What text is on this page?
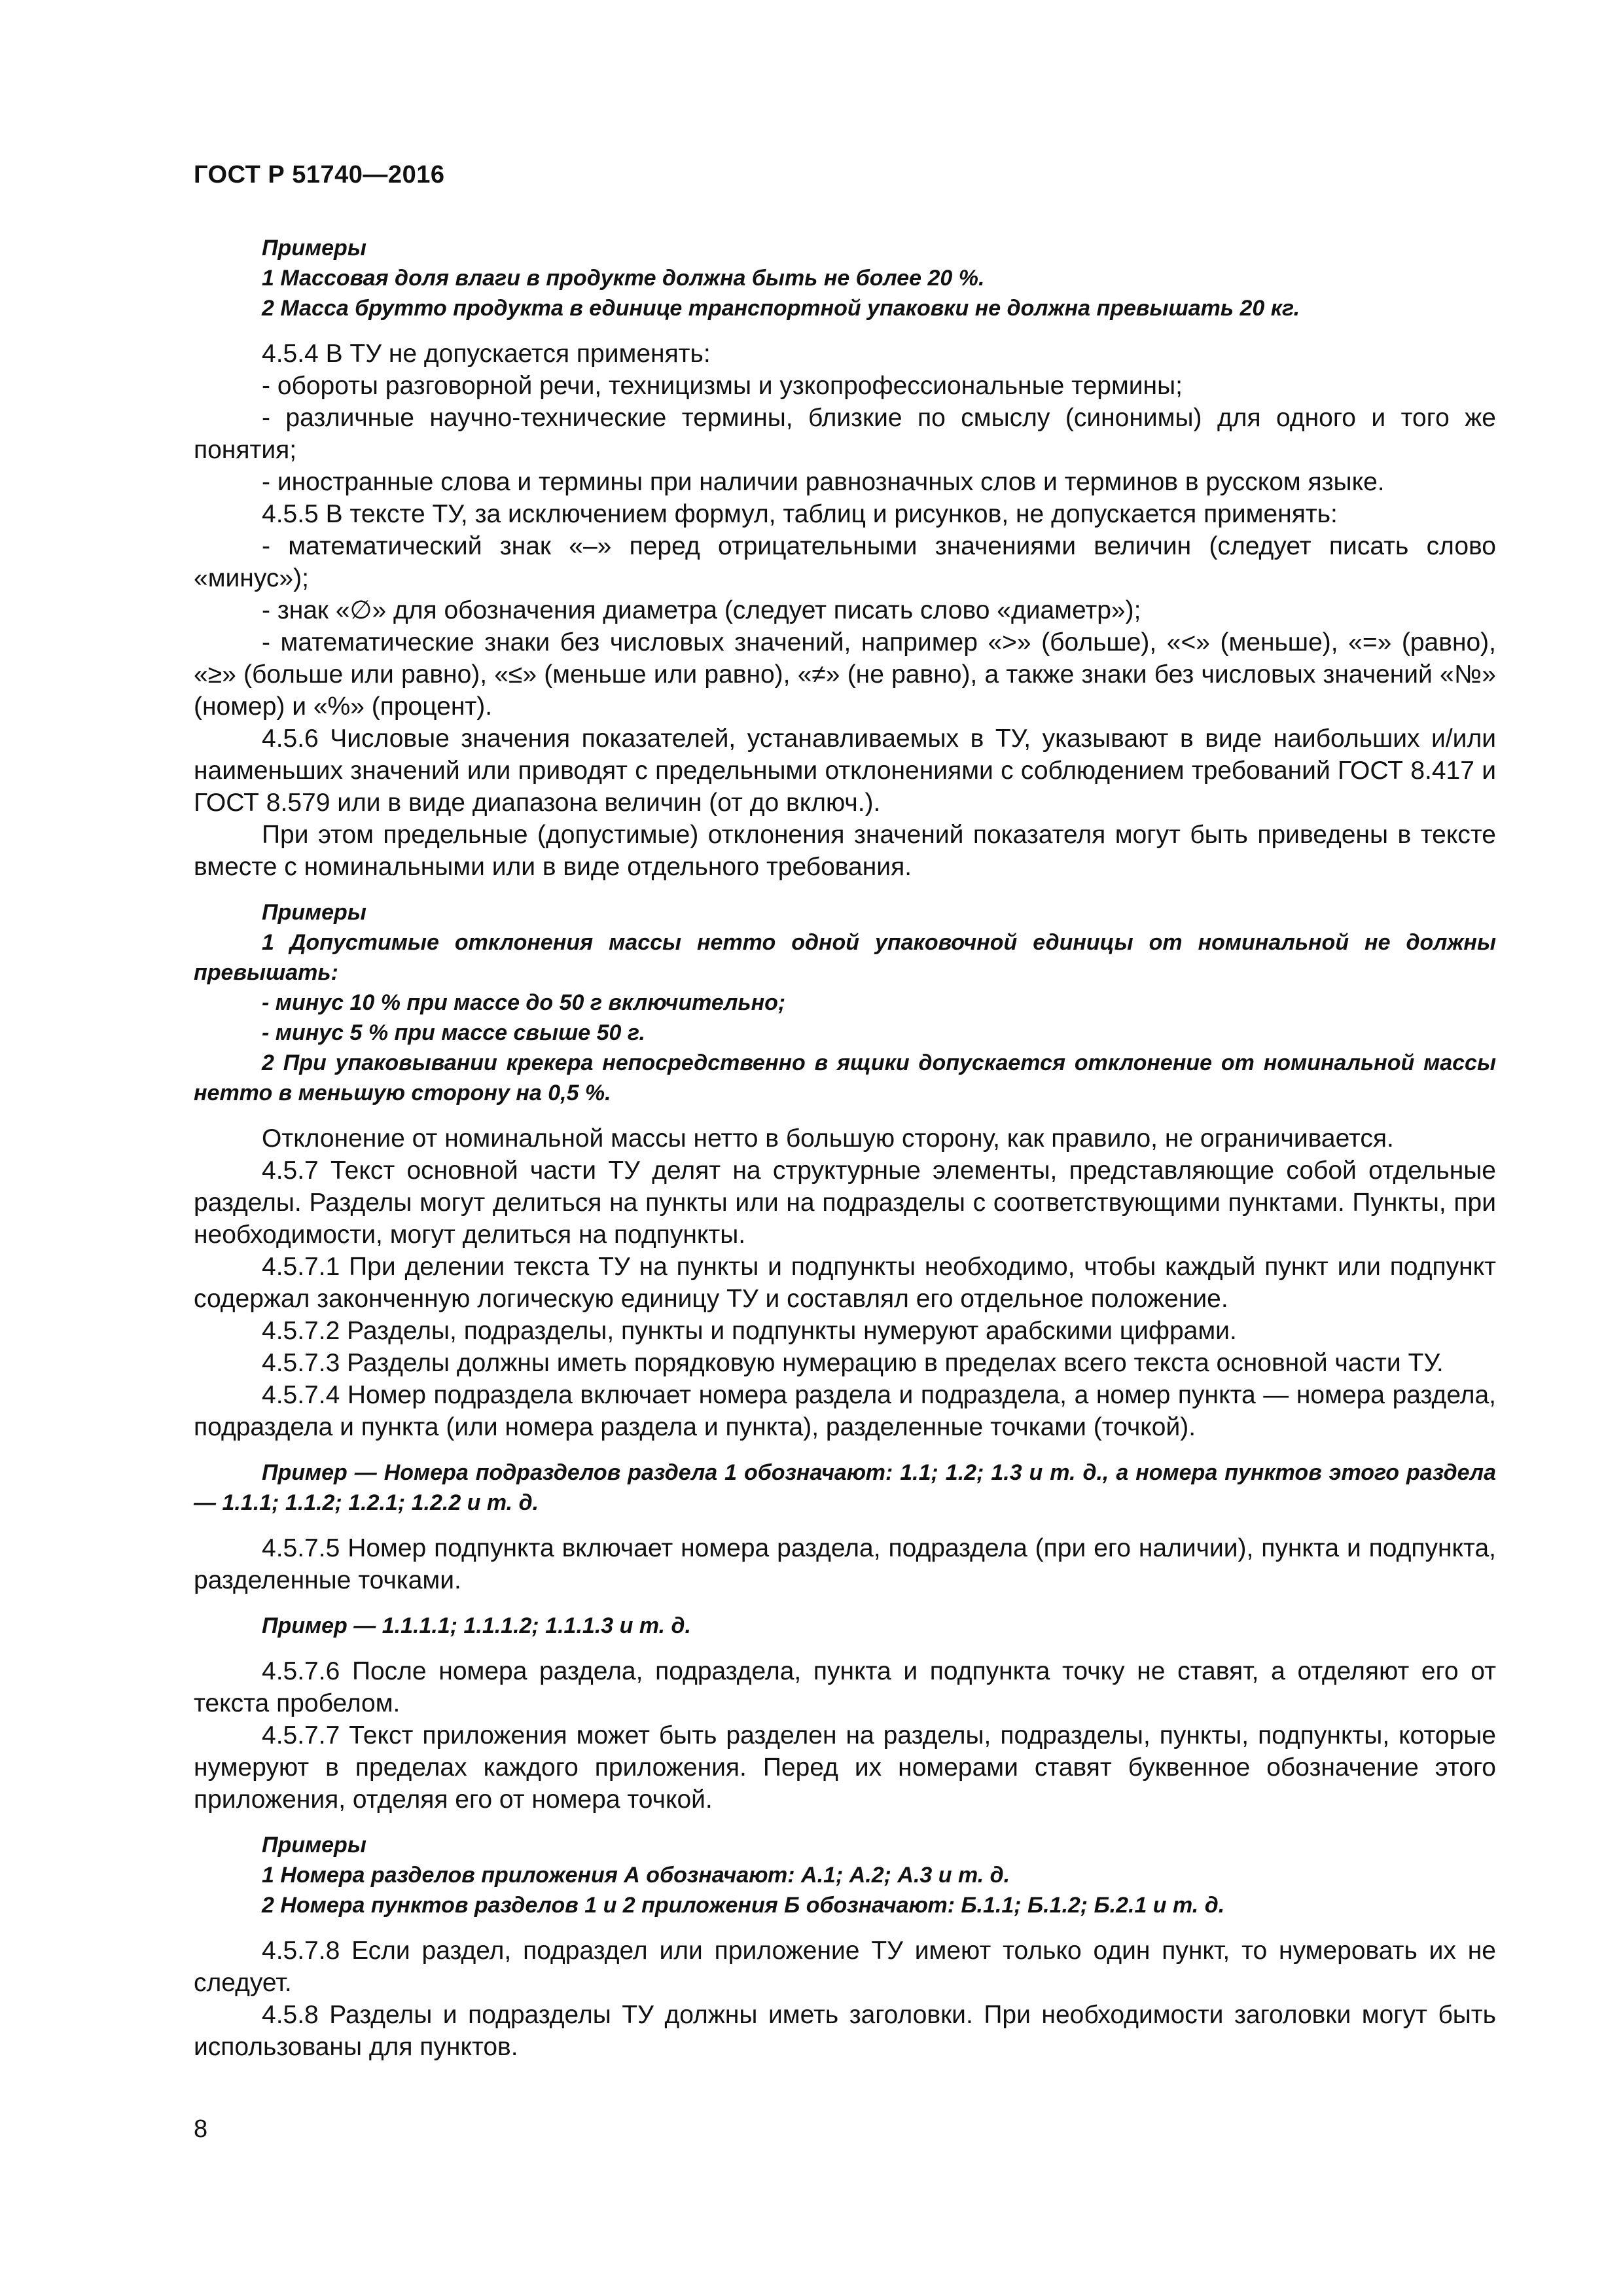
ГОСТ Р 51740—2016

Примеры

1 Массовая доля влаги в продукте должна быть не более 20 %.

2 Масса брутто продукта в единице транспортной упаковки не должна превышать 20 кг.

4.5.4 В ТУ не допускается применять:

- обороты разговорной речи, техницизмы и узкопрофессиональные термины;

- различные научно-технические термины, близкие по смыслу (синонимы) для одного и того же понятия;

- иностранные слова и термины при наличии равнозначных слов и терминов в русском языке.

4.5.5 В тексте ТУ, за исключением формул, таблиц и рисунков, не допускается применять:

- математический знак «–» перед отрицательными значениями величин (следует писать слово «минус»);

- знак «∅» для обозначения диаметра (следует писать слово «диаметр»);

- математические знаки без числовых значений, например «>» (больше), «<» (меньше), «=» (равно), «≥» (больше или равно), «≤» (меньше или равно), «≠» (не равно), а также знаки без числовых значений «№» (номер) и «%» (процент).

4.5.6 Числовые значения показателей, устанавливаемых в ТУ, указывают в виде наибольших и/или наименьших значений или приводят с предельными отклонениями с соблюдением требований ГОСТ 8.417 и ГОСТ 8.579 или в виде диапазона величин (от до включ.).

При этом предельные (допустимые) отклонения значений показателя могут быть приведены в тексте вместе с номинальными или в виде отдельного требования.

Примеры

1 Допустимые отклонения массы нетто одной упаковочной единицы от номинальной не должны превышать:

- минус 10 % при массе до 50 г включительно;

- минус 5 % при массе свыше 50 г.

2 При упаковывании крекера непосредственно в ящики допускается отклонение от номинальной массы нетто в меньшую сторону на 0,5 %.

Отклонение от номинальной массы нетто в большую сторону, как правило, не ограничивается.

4.5.7 Текст основной части ТУ делят на структурные элементы, представляющие собой отдельные разделы. Разделы могут делиться на пункты или на подразделы с соответствующими пунктами. Пункты, при необходимости, могут делиться на подпункты.

4.5.7.1 При делении текста ТУ на пункты и подпункты необходимо, чтобы каждый пункт или подпункт содержал законченную логическую единицу ТУ и составлял его отдельное положение.

4.5.7.2 Разделы, подразделы, пункты и подпункты нумеруют арабскими цифрами.

4.5.7.3 Разделы должны иметь порядковую нумерацию в пределах всего текста основной части ТУ.

4.5.7.4 Номер подраздела включает номера раздела и подраздела, а номер пункта — номера раздела, подраздела и пункта (или номера раздела и пункта), разделенные точками (точкой).

Пример — Номера подразделов раздела 1 обозначают: 1.1; 1.2; 1.3 и т. д., а номера пунктов этого раздела — 1.1.1; 1.1.2; 1.2.1; 1.2.2 и т. д.

4.5.7.5 Номер подпункта включает номера раздела, подраздела (при его наличии), пункта и подпункта, разделенные точками.

Пример — 1.1.1.1; 1.1.1.2; 1.1.1.3 и т. д.

4.5.7.6 После номера раздела, подраздела, пункта и подпункта точку не ставят, а отделяют его от текста пробелом.

4.5.7.7 Текст приложения может быть разделен на разделы, подразделы, пункты, подпункты, которые нумеруют в пределах каждого приложения. Перед их номерами ставят буквенное обозначение этого приложения, отделяя его от номера точкой.

Примеры

1 Номера разделов приложения А обозначают: А.1; А.2; А.3 и т. д.

2 Номера пунктов разделов 1 и 2 приложения Б обозначают: Б.1.1; Б.1.2; Б.2.1 и т. д.

4.5.7.8 Если раздел, подраздел или приложение ТУ имеют только один пункт, то нумеровать их не следует.

4.5.8 Разделы и подразделы ТУ должны иметь заголовки. При необходимости заголовки могут быть использованы для пунктов.

8
